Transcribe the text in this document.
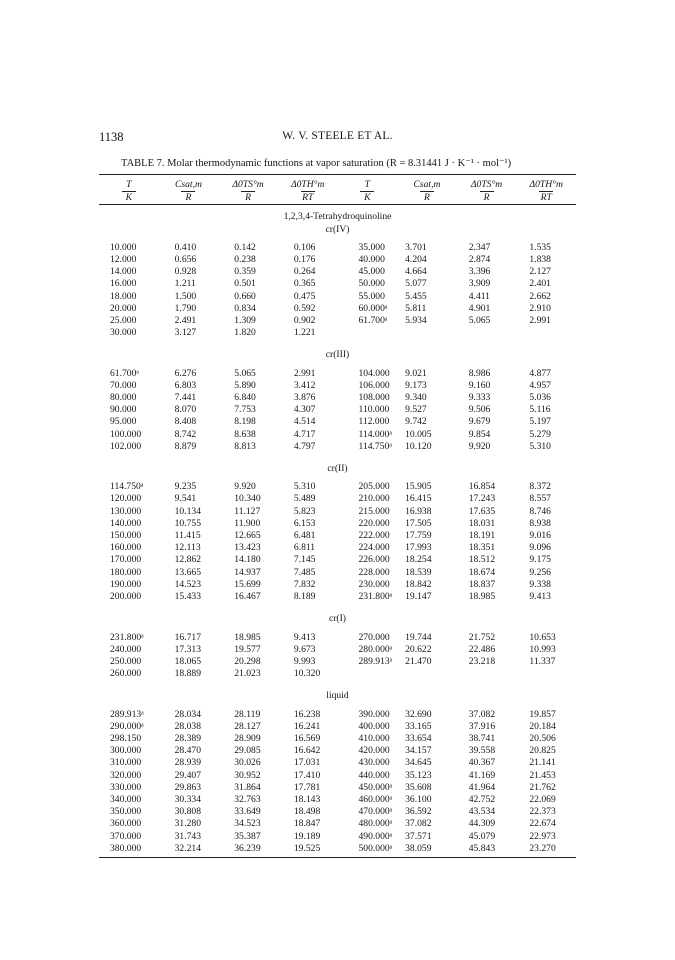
1138	W. V. STEELE ET AL.
TABLE 7. Molar thermodynamic functions at vapor saturation (R = 8.31441 J · K⁻¹ · mol⁻¹)

T	Csat,m	Δ0TS°m	Δ0TH°m	T	Csat,m	Δ0TS°m	Δ0TH°m
K	R	R	RT	K	R	R	RT

1,2,3,4-Tetrahydroquinoline							
cr(IV)							

10.000	0.410	0.142	0.106	35.000	3.701	2.347	1.535
12.000	0.656	0.238	0.176	40.000	4.204	2.874	1.838
14.000	0.928	0.359	0.264	45.000	4.664	3.396	2.127
16.000	1.211	0.501	0.365	50.000	5.077	3.909	2.401
18.000	1.500	0.660	0.475	55.000	5.455	4.411	2.662
20.000	1.790	0.834	0.592	60.000ᵃ	5.811	4.901	2.910
25.000	2.491	1.309	0.902	61.700ᵃ	5.934	5.065	2.991
30.000	3.127	1.820	1.221				

cr(III)							

61.700ᵃ	6.276	5.065	2.991	104.000	9.021	8.986	4.877
70.000	6.803	5.890	3.412	106.000	9.173	9.160	4.957
80.000	7.441	6.840	3.876	108.000	9.340	9.333	5.036
90.000	8.070	7.753	4.307	110.000	9.527	9.506	5.116
95.000	8.408	8.198	4.514	112.000	9.742	9.679	5.197
100.000	8.742	8.638	4.717	114.000ᵃ	10.005	9.854	5.279
102.000	8.879	8.813	4.797	114.750ᵃ	10.120	9.920	5.310

cr(II)							

114.750ᵃ	9.235	9.920	5.310	205.000	15.905	16.854	8.372
120.000	9.541	10.340	5.489	210.000	16.415	17.243	8.557
130.000	10.134	11.127	5.823	215.000	16.938	17.635	8.746
140.000	10.755	11.900	6.153	220.000	17.505	18.031	8.938
150.000	11.415	12.665	6.481	222.000	17.759	18.191	9.016
160.000	12.113	13.423	6.811	224.000	17.993	18.351	9.096
170.000	12.862	14.180	7.145	226.000	18.254	18.512	9.175
180.000	13.665	14.937	7.485	228.000	18.539	18.674	9.256
190.000	14.523	15.699	7.832	230.000	18.842	18.837	9.338
200.000	15.433	16.467	8.189	231.800ᵃ	19.147	18.985	9.413

cr(I)							

231.800ᵃ	16.717	18.985	9.413	270.000	19.744	21.752	10.653
240.000	17.313	19.577	9.673	280.000ᵃ	20.622	22.486	10.993
250.000	18.065	20.298	9.993	289.913ᵃ	21.470	23.218	11.337
260.000	18.889	21.023	10.320				

liquid							

289.913ᵃ	28.034	28.119	16.238	390.000	32.690	37.082	19.857
290.000ᵃ	28.038	28.127	16.241	400.000	33.165	37.916	20.184
298.150	28.389	28.909	16.569	410.000	33.654	38.741	20.506
300.000	28.470	29.085	16.642	420.000	34.157	39.558	20.825
310.000	28.939	30.026	17.031	430.000	34.645	40.367	21.141
320.000	29.407	30.952	17.410	440.000	35.123	41.169	21.453
330.000	29.863	31.864	17.781	450.000ᵃ	35.608	41.964	21.762
340.000	30.334	32.763	18.143	460.000ᵃ	36.100	42.752	22.069
350.000	30.808	33.649	18.498	470.000ᵃ	36.592	43.534	22.373
360.000	31.280	34.523	18.847	480.000ᵃ	37.082	44.309	22.674
370.000	31.743	35.387	19.189	490.000ᵃ	37.571	45.079	22.973
380.000	32.214	36.239	19.525	500.000ᵃ	38.059	45.843	23.270
